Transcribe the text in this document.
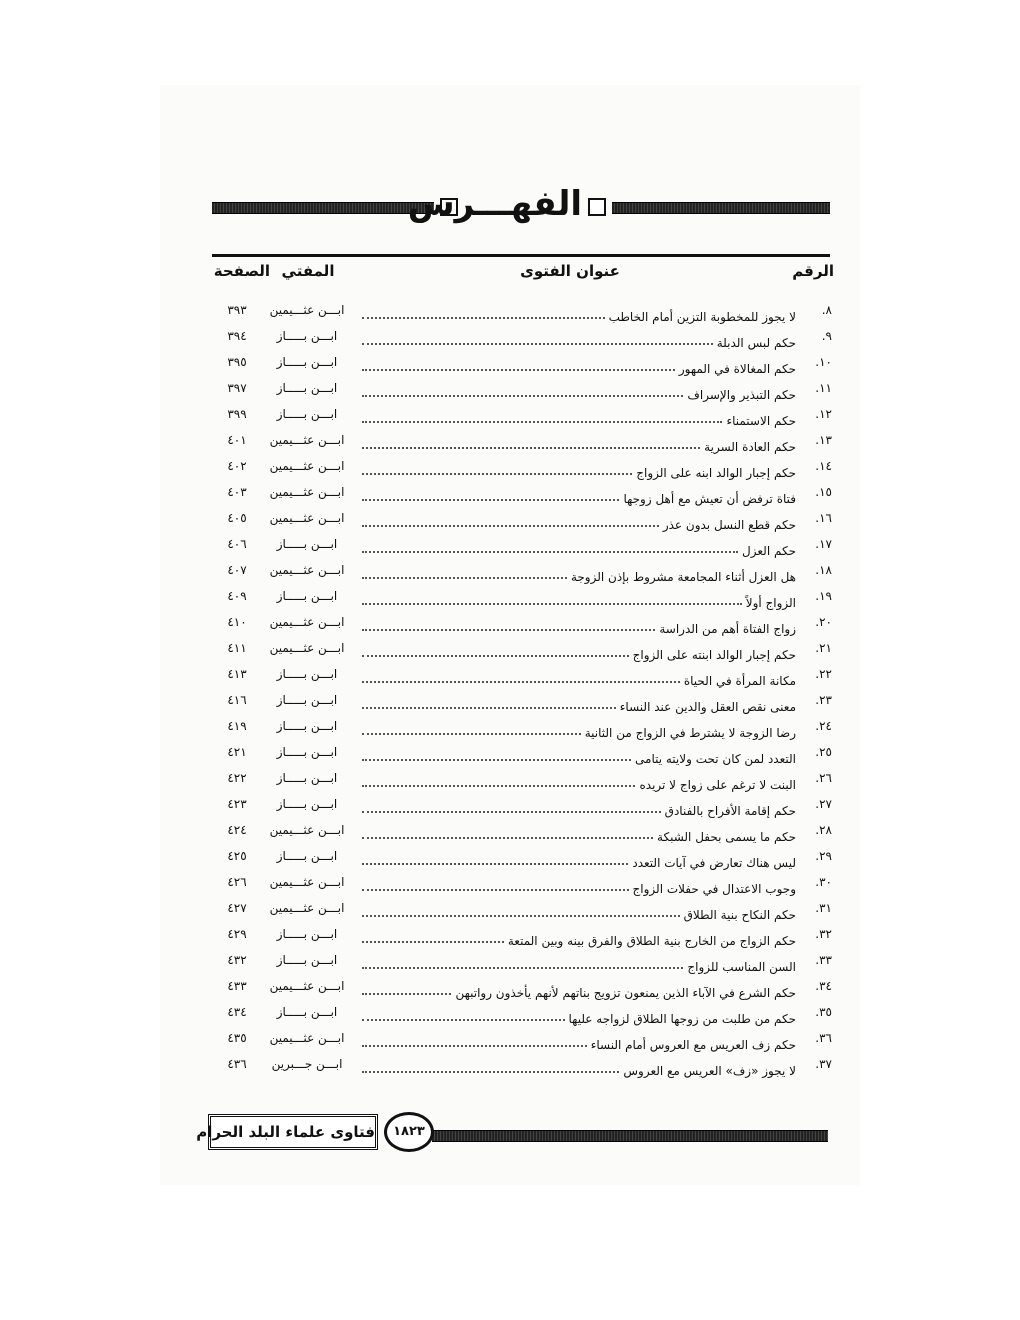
الفهـــرس
الرقم
عنوان الفتوى
المفتي
الصفحة
٨.
لا يجوز للمخطوبة التزين أمام الخاطب
ابـــن عثـــيمين
٣٩٣
٩.
حكم لبس الدبلة
ابـــن بـــــاز
٣٩٤
١٠.
حكم المغالاة في المهور
ابـــن بـــــاز
٣٩٥
١١.
حكم التبذير والإسراف
ابـــن بـــــاز
٣٩٧
١٢.
حكم الاستمناء
ابـــن بـــــاز
٣٩٩
١٣.
حكم العادة السرية
ابـــن عثـــيمين
٤٠١
١٤.
حكم إجبار الوالد ابنه على الزواج
ابـــن عثـــيمين
٤٠٢
١٥.
فتاة ترفض أن تعيش مع أهل زوجها
ابـــن عثـــيمين
٤٠٣
١٦.
حكم قطع النسل بدون عذر
ابـــن عثـــيمين
٤٠٥
١٧.
حكم العزل
ابـــن بـــــاز
٤٠٦
١٨.
هل العزل أثناء المجامعة مشروط بإذن الزوجة
ابـــن عثـــيمين
٤٠٧
١٩.
الزواج أولاً
ابـــن بـــــاز
٤٠٩
٢٠.
زواج الفتاة أهم من الدراسة
ابـــن عثـــيمين
٤١٠
٢١.
حكم إجبار الوالد ابنته على الزواج
ابـــن عثـــيمين
٤١١
٢٢.
مكانة المرأة في الحياة
ابـــن بـــــاز
٤١٣
٢٣.
معنى نقص العقل والدين عند النساء
ابـــن بـــــاز
٤١٦
٢٤.
رضا الزوجة لا يشترط في الزواج من الثانية
ابـــن بـــــاز
٤١٩
٢٥.
التعدد لمن كان تحت ولايته يتامى
ابـــن بـــــاز
٤٢١
٢٦.
البنت لا ترغم على زواج لا تريده
ابـــن بـــــاز
٤٢٢
٢٧.
حكم إقامة الأفراح بالفنادق
ابـــن بـــــاز
٤٢٣
٢٨.
حكم ما يسمى بحفل الشبكة
ابـــن عثـــيمين
٤٢٤
٢٩.
ليس هناك تعارض في آيات التعدد
ابـــن بـــــاز
٤٢٥
٣٠.
وجوب الاعتدال في حفلات الزواج
ابـــن عثـــيمين
٤٢٦
٣١.
حكم النكاح بنية الطلاق
ابـــن عثـــيمين
٤٢٧
٣٢.
حكم الزواج من الخارج بنية الطلاق والفرق بينه وبين المتعة
ابـــن بـــــاز
٤٢٩
٣٣.
السن المناسب للزواج
ابـــن بـــــاز
٤٣٢
٣٤.
حكم الشرع في الآباء الذين يمنعون تزويج بناتهم لأنهم يأخذون رواتبهن
ابـــن عثـــيمين
٤٣٣
٣٥.
حكم من طلبت من زوجها الطلاق لزواجه عليها
ابـــن بـــــاز
٤٣٤
٣٦.
حكم زف العريس مع العروس أمام النساء
ابـــن عثـــيمين
٤٣٥
٣٧.
لا يجوز «زف» العريس مع العروس
ابـــن جـــبرين
٤٣٦
١٨٢٣
فتاوى علماء البلد الحرام
